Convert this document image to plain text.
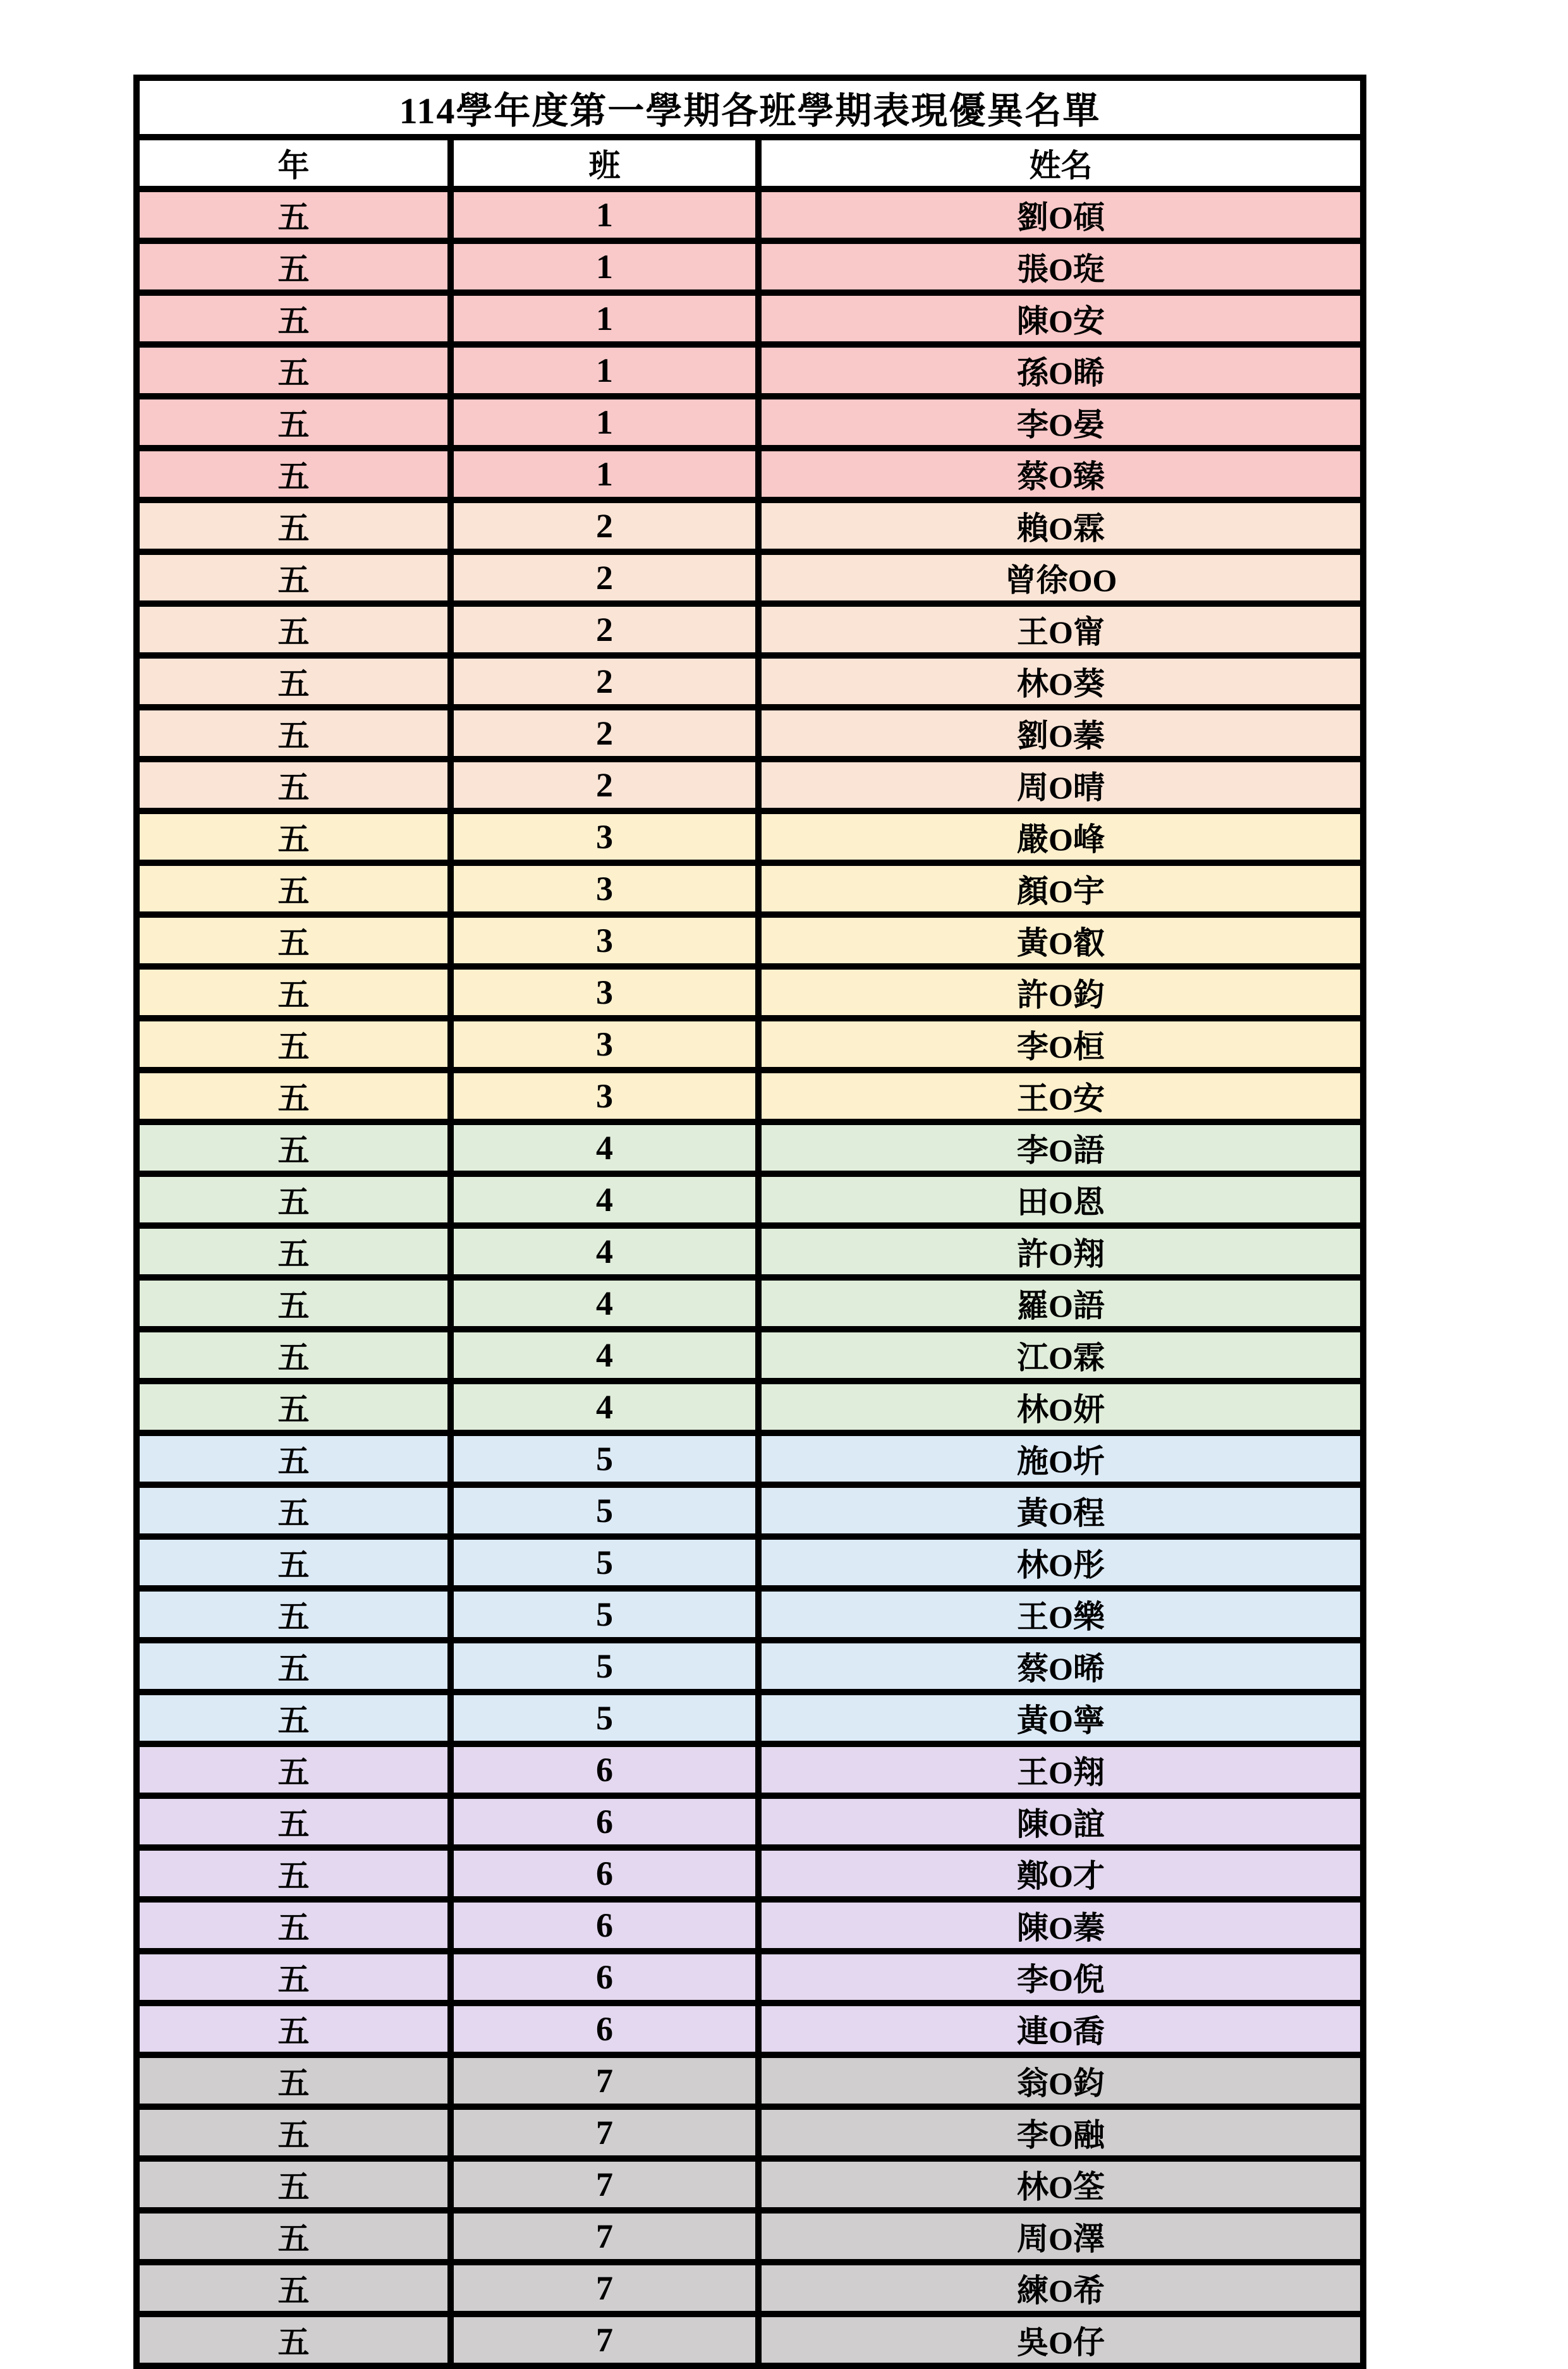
114學年度第一學期各班學期表現優異名單		
年	班	姓名
五	1	劉O碩
五	1	張O琁
五	1	陳O安
五	1	孫O睎
五	1	李O晏
五	1	蔡O臻
五	2	賴O霖
五	2	曾徐OO
五	2	王O甯
五	2	林O葵
五	2	劉O蓁
五	2	周O晴
五	3	嚴O峰
五	3	顏O宇
五	3	黃O叡
五	3	許O鈞
五	3	李O桓
五	3	王O安
五	4	李O語
五	4	田O恩
五	4	許O翔
五	4	羅O語
五	4	江O霖
五	4	林O妍
五	5	施O圻
五	5	黃O程
五	5	林O彤
五	5	王O樂
五	5	蔡O晞
五	5	黃O寧
五	6	王O翔
五	6	陳O誼
五	6	鄭O才
五	6	陳O蓁
五	6	李O倪
五	6	連O喬
五	7	翁O鈞
五	7	李O融
五	7	林O筌
五	7	周O澤
五	7	練O希
五	7	吳O仔
